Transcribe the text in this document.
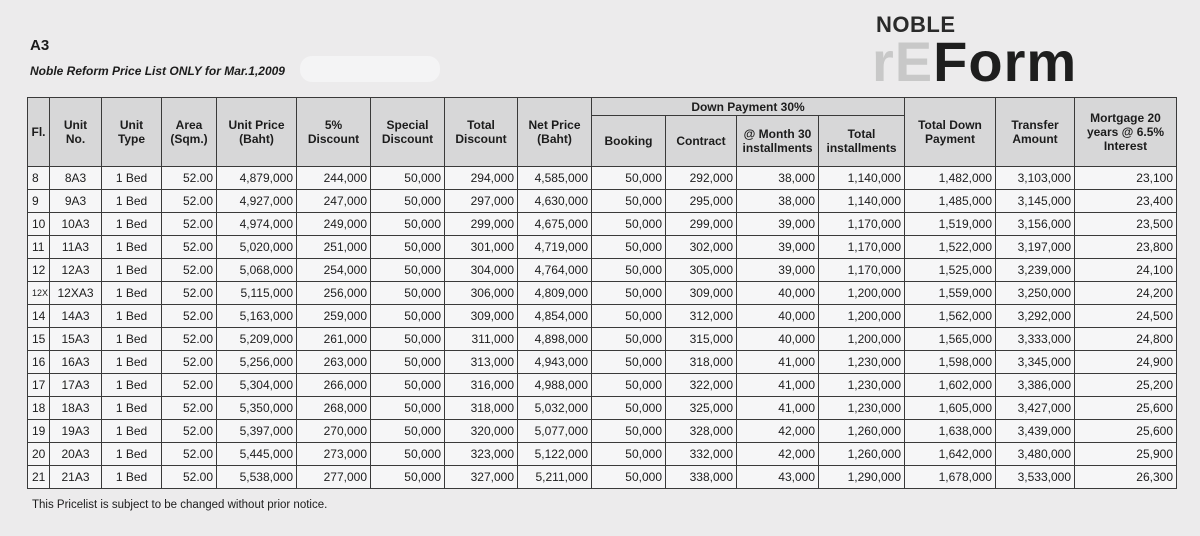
A3
Noble Reform Price List ONLY for Mar.1,2009
NOBLE
rEForm
Fl.	Unit No.	Unit Type	Area (Sqm.)	Unit Price (Baht)	5% Discount	Special Discount	Total Discount	Net Price (Baht)	Down Payment 30%				Total Down Payment	Transfer Amount	Mortgage 20 years @ 6.5% Interest
									Booking	Contract	@ Month 30 installments	Total installments			
8	8A3	1 Bed	52.00	4,879,000	244,000	50,000	294,000	4,585,000	50,000	292,000	38,000	1,140,000	1,482,000	3,103,000	23,100
9	9A3	1 Bed	52.00	4,927,000	247,000	50,000	297,000	4,630,000	50,000	295,000	38,000	1,140,000	1,485,000	3,145,000	23,400
10	10A3	1 Bed	52.00	4,974,000	249,000	50,000	299,000	4,675,000	50,000	299,000	39,000	1,170,000	1,519,000	3,156,000	23,500
11	11A3	1 Bed	52.00	5,020,000	251,000	50,000	301,000	4,719,000	50,000	302,000	39,000	1,170,000	1,522,000	3,197,000	23,800
12	12A3	1 Bed	52.00	5,068,000	254,000	50,000	304,000	4,764,000	50,000	305,000	39,000	1,170,000	1,525,000	3,239,000	24,100
12X	12XA3	1 Bed	52.00	5,115,000	256,000	50,000	306,000	4,809,000	50,000	309,000	40,000	1,200,000	1,559,000	3,250,000	24,200
14	14A3	1 Bed	52.00	5,163,000	259,000	50,000	309,000	4,854,000	50,000	312,000	40,000	1,200,000	1,562,000	3,292,000	24,500
15	15A3	1 Bed	52.00	5,209,000	261,000	50,000	311,000	4,898,000	50,000	315,000	40,000	1,200,000	1,565,000	3,333,000	24,800
16	16A3	1 Bed	52.00	5,256,000	263,000	50,000	313,000	4,943,000	50,000	318,000	41,000	1,230,000	1,598,000	3,345,000	24,900
17	17A3	1 Bed	52.00	5,304,000	266,000	50,000	316,000	4,988,000	50,000	322,000	41,000	1,230,000	1,602,000	3,386,000	25,200
18	18A3	1 Bed	52.00	5,350,000	268,000	50,000	318,000	5,032,000	50,000	325,000	41,000	1,230,000	1,605,000	3,427,000	25,600
19	19A3	1 Bed	52.00	5,397,000	270,000	50,000	320,000	5,077,000	50,000	328,000	42,000	1,260,000	1,638,000	3,439,000	25,600
20	20A3	1 Bed	52.00	5,445,000	273,000	50,000	323,000	5,122,000	50,000	332,000	42,000	1,260,000	1,642,000	3,480,000	25,900
21	21A3	1 Bed	52.00	5,538,000	277,000	50,000	327,000	5,211,000	50,000	338,000	43,000	1,290,000	1,678,000	3,533,000	26,300
This Pricelist is subject to be changed without prior notice.
